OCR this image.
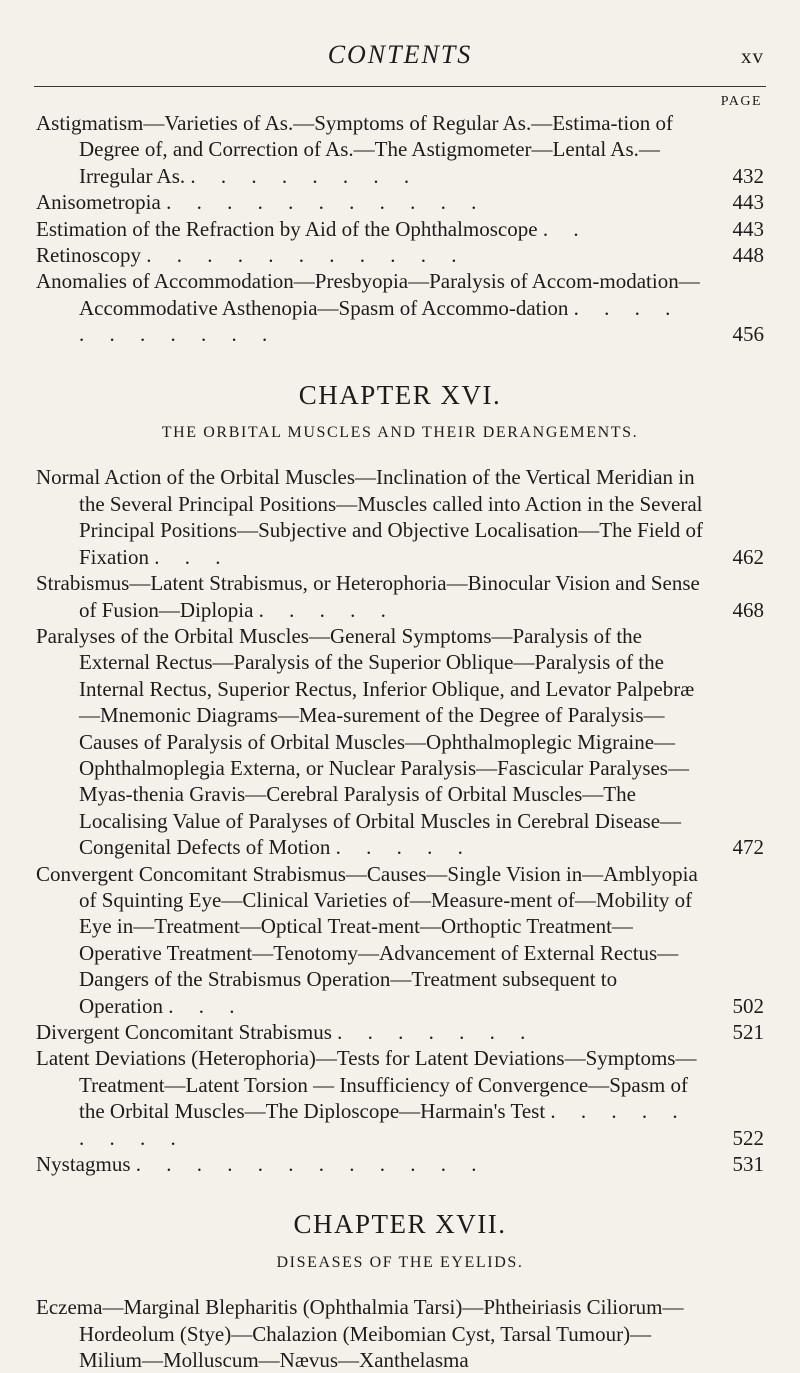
CONTENTS	xv
PAGE
Astigmatism—Varieties of As.—Symptoms of Regular As.—Estima-tion of Degree of, and Correction of As.—The Astigmometer—Lental As.—Irregular As. . . . . . . . .	432
Anisometropia . . . . . . . . . . .	443
Estimation of the Refraction by Aid of the Ophthalmoscope . .	443
Retinoscopy . . . . . . . . . . .	448
Anomalies of Accommodation—Presbyopia—Paralysis of Accom-modation—Accommodative Asthenopia—Spasm of Accommo-dation . . . . . . . . . . .	456
CHAPTER XVI.
THE ORBITAL MUSCLES AND THEIR DERANGEMENTS.
Normal Action of the Orbital Muscles—Inclination of the Vertical Meridian in the Several Principal Positions—Muscles called into Action in the Several Principal Positions—Subjective and Objective Localisation—The Field of Fixation . . .	462
Strabismus—Latent Strabismus, or Heterophoria—Binocular Vision and Sense of Fusion—Diplopia . . . . .	468
Paralyses of the Orbital Muscles—General Symptoms—Paralysis of the External Rectus—Paralysis of the Superior Oblique—Paralysis of the Internal Rectus, Superior Rectus, Inferior Oblique, and Levator Palpebræ—Mnemonic Diagrams—Mea-surement of the Degree of Paralysis—Causes of Paralysis of Orbital Muscles—Ophthalmoplegic Migraine—Ophthalmoplegia Externa, or Nuclear Paralysis—Fascicular Paralyses—Myas-thenia Gravis—Cerebral Paralysis of Orbital Muscles—The Localising Value of Paralyses of Orbital Muscles in Cerebral Disease—Congenital Defects of Motion . . . . .	472
Convergent Concomitant Strabismus—Causes—Single Vision in—Amblyopia of Squinting Eye—Clinical Varieties of—Measure-ment of—Mobility of Eye in—Treatment—Optical Treat-ment—Orthoptic Treatment—Operative Treatment—Tenotomy—Advancement of External Rectus—Dangers of the Strabismus Operation—Treatment subsequent to Operation . . .	502
Divergent Concomitant Strabismus . . . . . . .	521
Latent Deviations (Heterophoria)—Tests for Latent Deviations—Symptoms—Treatment—Latent Torsion — Insufficiency of Convergence—Spasm of the Orbital Muscles—The Diploscope—Harmain's Test . . . . . . . . .	522
Nystagmus . . . . . . . . . . . .	531
CHAPTER XVII.
DISEASES OF THE EYELIDS.
Eczema—Marginal Blepharitis (Ophthalmia Tarsi)—Phtheiriasis Ciliorum—Hordeolum (Stye)—Chalazion (Meibomian Cyst, Tarsal Tumour)—Milium—Molluscum—Nævus—Xanthelasma
